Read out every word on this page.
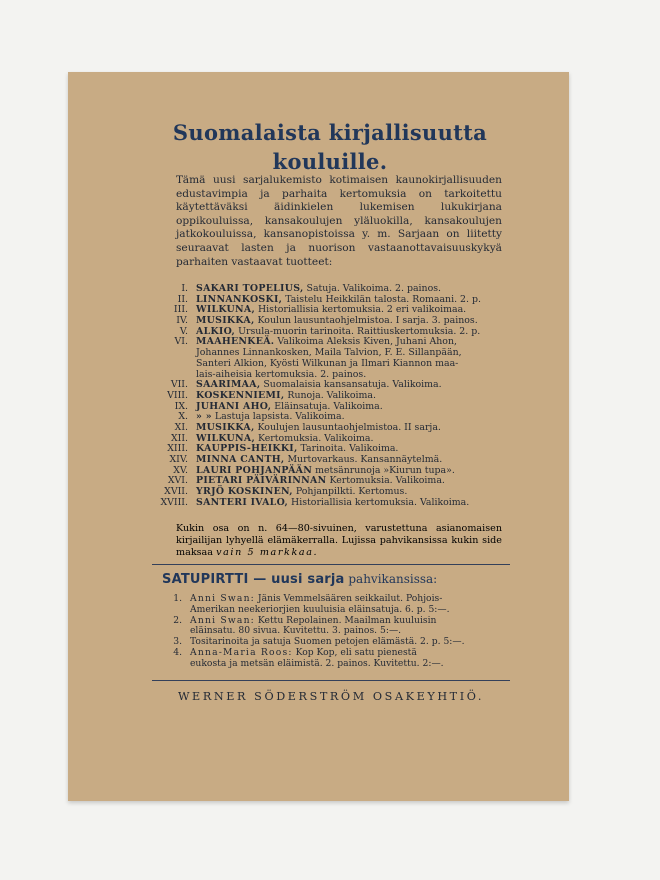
Suomalaista kirjallisuutta
kouluille.
Tämä uusi sarjalukemisto kotimaisen kaunokirjallisuuden edustavimpia ja parhaita kertomuksia on tarkoitettu käytettäväksi äidinkielen lukemisen lukukirjana oppikouluissa, kansakoulujen yläluokilla, kansakoulujen jatkokouluissa, kansanopistoissa y. m. Sarjaan on liitetty seuraavat lasten ja nuorison vastaanottavaisuuskykyä parhaiten vastaavat tuotteet:
I. SAKARI TOPELIUS, Satuja. Valikoima. 2. painos.
II. LINNANKOSKI, Taistelu Heikkilän talosta. Romaani. 2. p.
III. WILKUNA, Historiallisia kertomuksia. 2 eri valikoimaa.
IV. MUSIKKA, Koulun lausuntaohjelmistoa. I sarja. 3. painos.
V. ALKIO, Ursula-muorin tarinoita. Raittiuskertomuksia. 2. p.
VI. MAAHENKEÄ. Valikoima Aleksis Kiven, Juhani Ahon,
Johannes Linnankosken, Maila Talvion, F. E. Sillanpään,
Santeri Alkion, Kyösti Wilkunan ja Ilmari Kiannon maa-
lais-aiheisia kertomuksia. 2. painos.
VII. SAARIMAA, Suomalaisia kansansatuja. Valikoima.
VIII. KOSKENNIEMI, Runoja. Valikoima.
IX. JUHANI AHO, Eläinsatuja. Valikoima.
X. » » Lastuja lapsista. Valikoima.
XI. MUSIKKA, Koulujen lausuntaohjelmistoa. II sarja.
XII. WILKUNA, Kertomuksia. Valikoima.
XIII. KAUPPIS-HEIKKI, Tarinoita. Valikoima.
XIV. MINNA CANTH, Murtovarkaus. Kansannäytelmä.
XV. LAURI POHJANPÄÄN metsänrunoja »Kiurun tupa».
XVI. PIETARI PÄIVÄRINNAN Kertomuksia. Valikoima.
XVII. YRJÖ KOSKINEN, Pohjanpilkti. Kertomus.
XVIII. SANTERI IVALO, Historiallisia kertomuksia. Valikoima.
Kukin osa on n. 64—80-sivuinen, varustettuna asianomaisen kirjailijan lyhyellä elämäkerralla. Lujissa pahvikansissa kukin side maksaa vain 5 markkaa.
SATUPIRTTI — uusi sarja pahvikansissa:
1. Anni Swan: Jänis Vemmelsäären seikkailut. Pohjois-
Amerikan neekeriorjien kuuluisia eläinsatuja. 6. p. 5:—.
2. Anni Swan: Kettu Repolainen. Maailman kuuluisin
eläinsatu. 80 sivua. Kuvitettu. 3. painos. 5:—.
3. Tositarinoita ja satuja Suomen petojen elämästä. 2. p. 5:—.
4. Anna-Maria Roos: Kop Kop, eli satu pienestä
eukosta ja metsän eläimistä. 2. painos. Kuvitettu. 2:—.
WERNER SÖDERSTRÖM OSAKEYHTIÖ.
